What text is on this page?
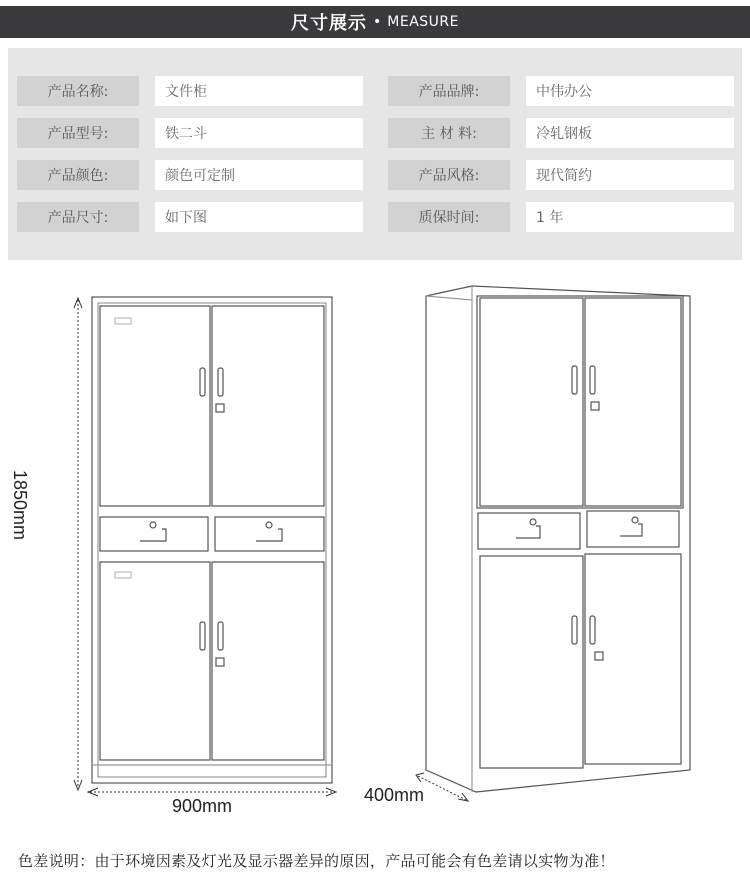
尺寸展示 • MEASURE
产品名称:	文件柜	产品品牌:	中伟办公
产品型号:	铁二斗	主 材 料:	冷轧钢板
产品颜色:	颜色可定制	产品风格:	现代简约
产品尺寸:	如下图	质保时间:	1 年
1850mm
900mm
400mm
色差说明：由于环境因素及灯光及显示器差异的原因，产品可能会有色差请以实物为准！
